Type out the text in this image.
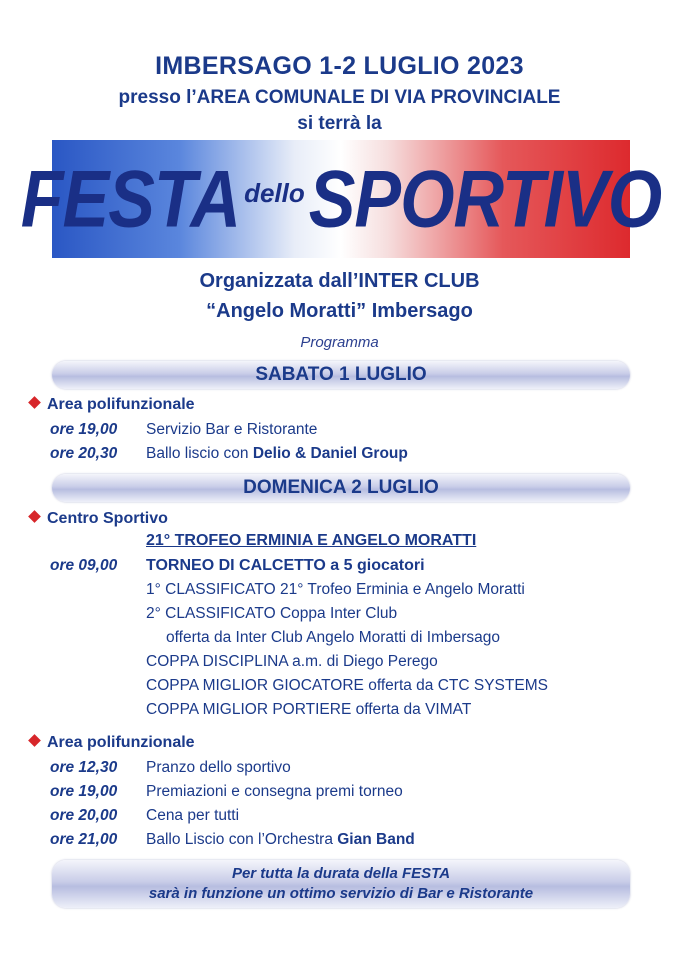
IMBERSAGO 1-2 LUGLIO 2023
presso l’AREA COMUNALE DI VIA PROVINCIALE
si terrà la
FESTA dello SPORTIVO
Organizzata dall’INTER CLUB
“Angelo Moratti” Imbersago
Programma
SABATO 1 LUGLIO
Area polifunzionale
ore 19,00 Servizio Bar e Ristorante
ore 20,30 Ballo liscio con Delio & Daniel Group
DOMENICA 2 LUGLIO
Centro Sportivo
21° TROFEO ERMINIA E ANGELO MORATTI
ore 09,00 TORNEO DI CALCETTO a 5 giocatori
1° CLASSIFICATO 21° Trofeo Erminia e Angelo Moratti
2° CLASSIFICATO Coppa Inter Club
offerta da Inter Club Angelo Moratti di Imbersago
COPPA DISCIPLINA a.m. di Diego Perego
COPPA MIGLIOR GIOCATORE offerta da CTC SYSTEMS
COPPA MIGLIOR PORTIERE offerta da VIMAT
Area polifunzionale
ore 12,30 Pranzo dello sportivo
ore 19,00 Premiazioni e consegna premi torneo
ore 20,00 Cena per tutti
ore 21,00 Ballo Liscio con l’Orchestra Gian Band
Per tutta la durata della FESTA
sarà in funzione un ottimo servizio di Bar e Ristorante
